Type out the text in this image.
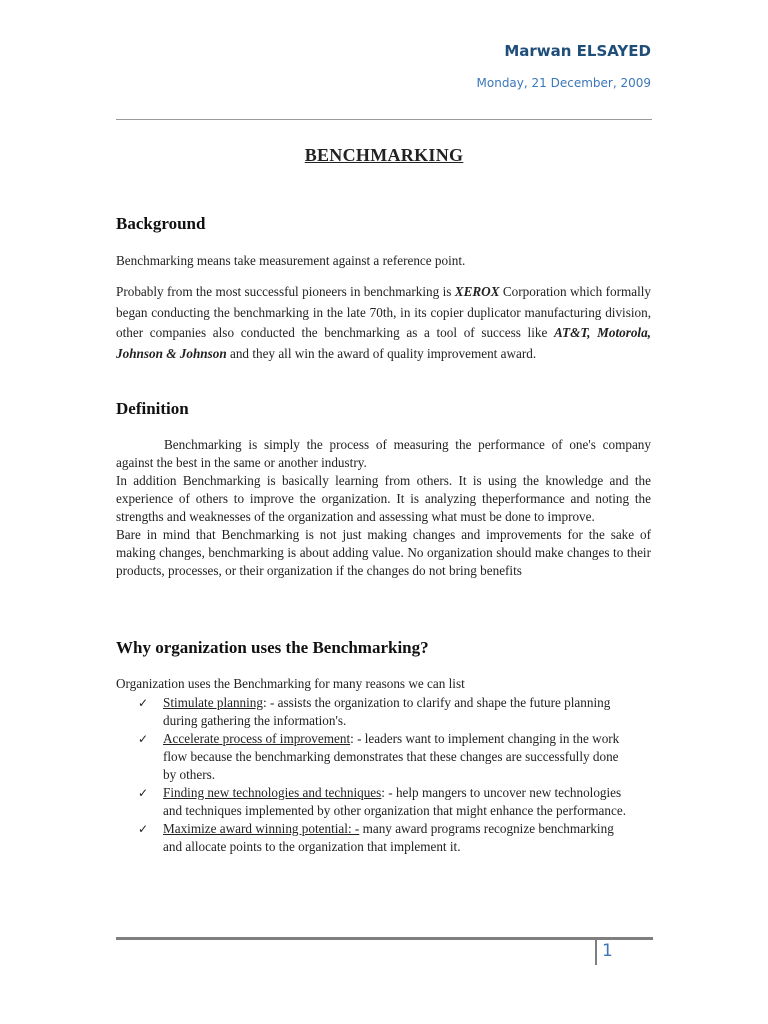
Marwan ELSAYED
Monday, 21 December, 2009
BENCHMARKING
Background

Benchmarking means take measurement against a reference point.

Probably from the most successful pioneers in benchmarking is XEROX Corporation which formally began conducting the benchmarking in the late 70th, in its copier duplicator manufacturing division, other companies also conducted the benchmarking as a tool of success like AT&T, Motorola, Johnson & Johnson and they all win the award of quality improvement award.

Definition

Benchmarking is simply the process of measuring the performance of one's company against the best in the same or another industry.

In addition Benchmarking is basically learning from others. It is using the knowledge and the experience of others to improve the organization. It is analyzing theperformance and noting the strengths and weaknesses of the organization and assessing what must be done to improve.

Bare in mind that Benchmarking is not just making changes and improvements for the sake of making changes, benchmarking is about adding value. No organization should make changes to their products, processes, or their organization if the changes do not bring benefits

Why organization uses the Benchmarking?
Organization uses the Benchmarking for many reasons we can list
✓ Stimulate planning: - assists the organization to clarify and shape the future planning during gathering the information's.
✓ Accelerate process of improvement: - leaders want to implement changing in the work flow because the benchmarking demonstrates that these changes are successfully done by others.
✓ Finding new technologies and techniques: - help mangers to uncover new technologies and techniques implemented by other organization that might enhance the performance.
✓ Maximize award winning potential: - many award programs recognize benchmarking and allocate points to the organization that implement it.
1
